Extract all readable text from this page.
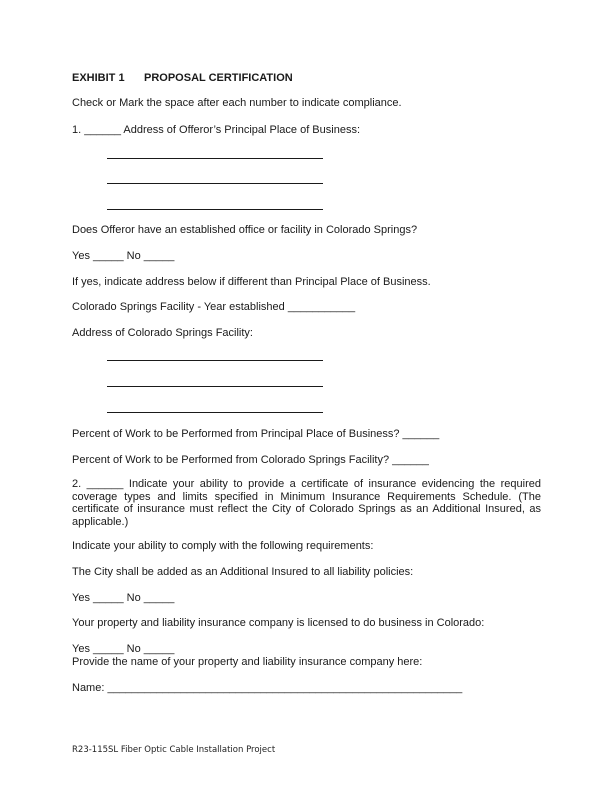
EXHIBIT 1 PROPOSAL CERTIFICATION

Check or Mark the space after each number to indicate compliance.

1. ______ Address of Offeror’s Principal Place of Business:

Does Offeror have an established office or facility in Colorado Springs?

Yes _____ No _____

If yes, indicate address below if different than Principal Place of Business.

Colorado Springs Facility - Year established ___________

Address of Colorado Springs Facility:

Percent of Work to be Performed from Principal Place of Business? ______

Percent of Work to be Performed from Colorado Springs Facility? ______

2. ______ Indicate your ability to provide a certificate of insurance evidencing the required coverage types and limits specified in Minimum Insurance Requirements Schedule. (The certificate of insurance must reflect the City of Colorado Springs as an Additional Insured, as applicable.)

Indicate your ability to comply with the following requirements:

The City shall be added as an Additional Insured to all liability policies:

Yes _____ No _____

Your property and liability insurance company is licensed to do business in Colorado:

Yes _____ No _____

Provide the name of your property and liability insurance company here:

Name: __________________________________________________________

R23-115SL Fiber Optic Cable Installation Project
